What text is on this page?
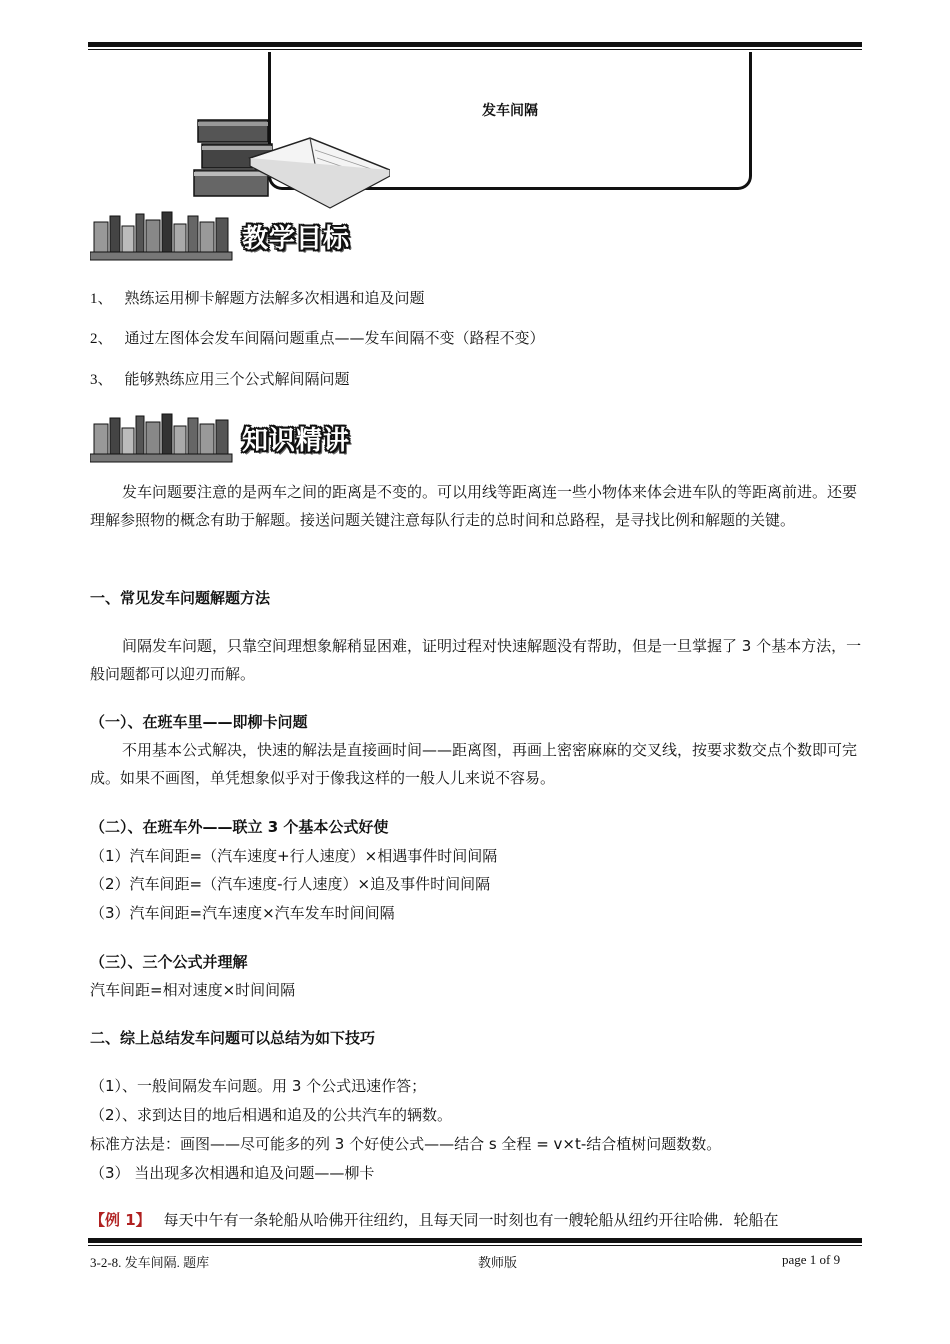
发车间隔
教学目标
1、 熟练运用柳卡解题方法解多次相遇和追及问题
2、 通过左图体会发车间隔问题重点——发车间隔不变（路程不变）
3、 能够熟练应用三个公式解间隔问题
知识精讲
发车问题要注意的是两车之间的距离是不变的。可以用线等距离连一些小物体来体会进车队的等距离前进。还要理解参照物的概念有助于解题。接送问题关键注意每队行走的总时间和总路程，是寻找比例和解题的关键。
一、常见发车问题解题方法
间隔发车问题，只靠空间理想象解稍显困难，证明过程对快速解题没有帮助，但是一旦掌握了 3 个基本方法，一般问题都可以迎刃而解。
（一）、在班车里——即柳卡问题
不用基本公式解决，快速的解法是直接画时间——距离图，再画上密密麻麻的交叉线，按要求数交点个数即可完成。如果不画图，单凭想象似乎对于像我这样的一般人儿来说不容易。
（二）、在班车外——联立 3 个基本公式好使
（1）汽车间距=（汽车速度+行人速度）×相遇事件时间间隔
（2）汽车间距=（汽车速度-行人速度）×追及事件时间间隔
（3）汽车间距=汽车速度×汽车发车时间间隔
（三）、三个公式并理解
汽车间距=相对速度×时间间隔
二、综上总结发车问题可以总结为如下技巧
（1）、一般间隔发车问题。用 3 个公式迅速作答；
（2）、求到达目的地后相遇和追及的公共汽车的辆数。
标准方法是：画图——尽可能多的列 3 个好使公式——结合 s 全程 = v×t-结合植树问题数数。
（3） 当出现多次相遇和追及问题——柳卡
【例 1】 每天中午有一条轮船从哈佛开往纽约，且每天同一时刻也有一艘轮船从纽约开往哈佛．轮船在
3-2-8. 发车间隔. 题库	教师版	page 1 of 9
